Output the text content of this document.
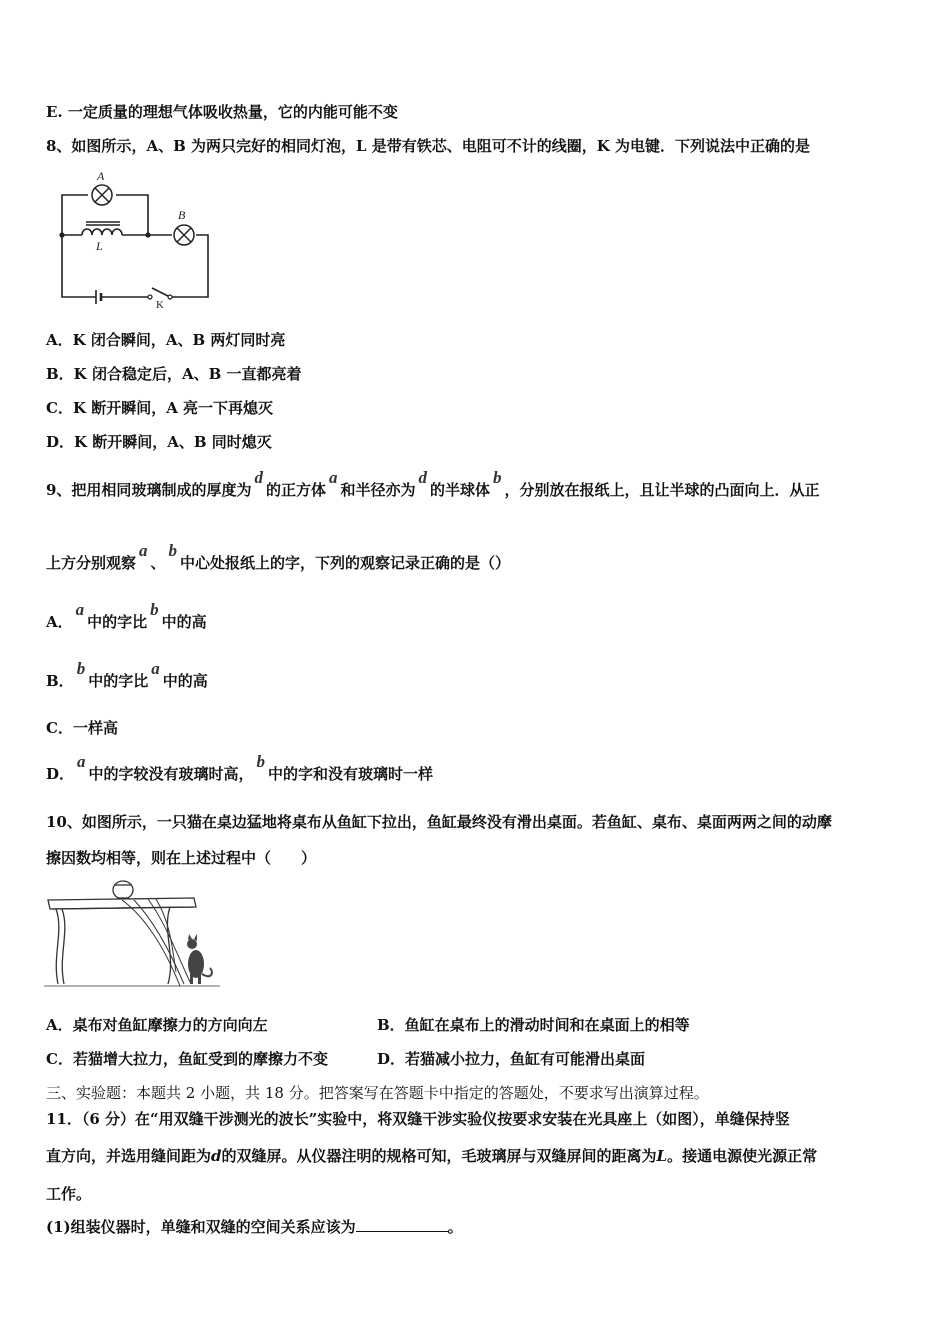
E. 一定质量的理想气体吸收热量，它的内能可能不变
8、如图所示，A、B 为两只完好的相同灯泡，L 是带有铁芯、电阻可不计的线圈，K 为电键．下列说法中正确的是
A
B
L
K
A．K 闭合瞬间，A、B 两灯同时亮
B．K 闭合稳定后，A、B 一直都亮着
C．K 断开瞬间，A 亮一下再熄灭
D．K 断开瞬间，A、B 同时熄灭
9、把用相同玻璃制成的厚度为d的正方体a和半径亦为d的半球体b，分别放在报纸上，且让半球的凸面向上．从正
上方分别观察a、b中心处报纸上的字，下列的观察记录正确的是（）
A．a中的字比b中的高
B．b中的字比a中的高
C．一样高
D．a中的字较没有玻璃时高，b中的字和没有玻璃时一样
10、如图所示，一只猫在桌边猛地将桌布从鱼缸下拉出，鱼缸最终没有滑出桌面。若鱼缸、桌布、桌面两两之间的动摩
擦因数均相等，则在上述过程中（　　）
A．桌布对鱼缸摩擦力的方向向左	B．鱼缸在桌布上的滑动时间和在桌面上的相等
C．若猫增大拉力，鱼缸受到的摩擦力不变	D．若猫减小拉力，鱼缸有可能滑出桌面
三、实验题：本题共 2 小题，共 18 分。把答案写在答题卡中指定的答题处，不要求写出演算过程。
11．（6 分）在“用双缝干涉测光的波长”实验中，将双缝干涉实验仪按要求安装在光具座上（如图），单缝保持竖
直方向，并选用缝间距为d的双缝屏。从仪器注明的规格可知，毛玻璃屏与双缝屏间的距离为L。接通电源使光源正常
工作。
(1)组装仪器时，单缝和双缝的空间关系应该为	。
